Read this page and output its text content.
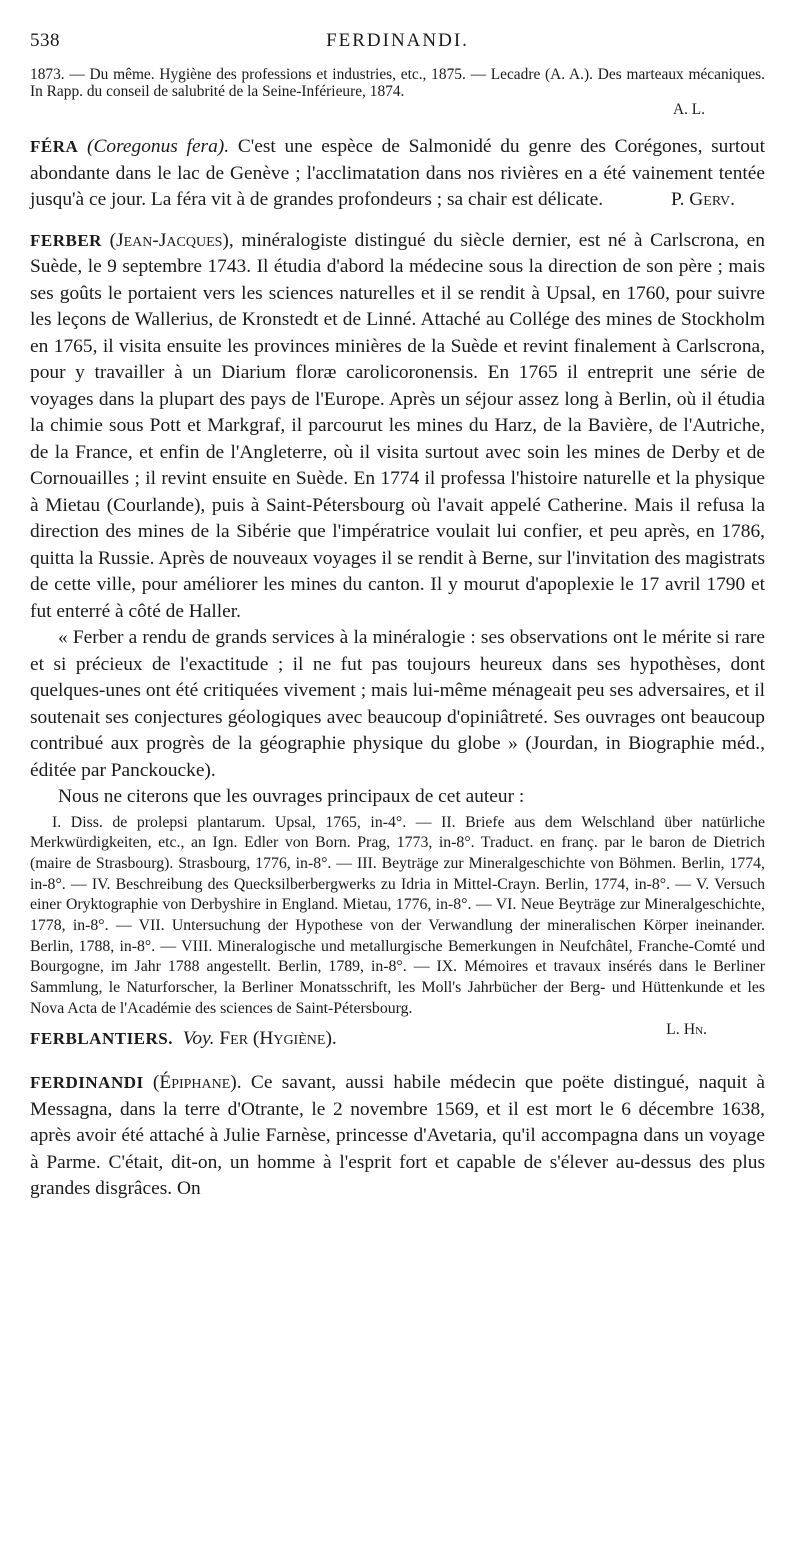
538	FERDINANDI.
1873. — Du même. Hygiène des professions et industries, etc., 1875. — Lecadre (A. A.). Des marteaux mécaniques. In Rapp. du conseil de salubrité de la Seine-Inférieure, 1874.
A. L.

FÉRA (Coregonus fera). C'est une espèce de Salmonidé du genre des Corégones, surtout abondante dans le lac de Genève ; l'acclimatation dans nos rivières en a été vainement tentée jusqu'à ce jour. La féra vit à de grandes profondeurs ; sa chair est délicate.	P. Gerv.

FERBER (Jean-Jacques), minéralogiste distingué du siècle dernier, est né à Carlscrona, en Suède, le 9 septembre 1743. Il étudia d'abord la médecine sous la direction de son père ; mais ses goûts le portaient vers les sciences naturelles et il se rendit à Upsal, en 1760, pour suivre les leçons de Wallerius, de Kronstedt et de Linné. Attaché au Collége des mines de Stockholm en 1765, il visita ensuite les provinces minières de la Suède et revint finalement à Carlscrona, pour y travailler à un Diarium floræ carolicoronensis. En 1765 il entreprit une série de voyages dans la plupart des pays de l'Europe. Après un séjour assez long à Berlin, où il étudia la chimie sous Pott et Markgraf, il parcourut les mines du Harz, de la Bavière, de l'Autriche, de la France, et enfin de l'Angleterre, où il visita surtout avec soin les mines de Derby et de Cornouailles ; il revint ensuite en Suède. En 1774 il professa l'histoire naturelle et la physique à Mietau (Courlande), puis à Saint-Pétersbourg où l'avait appelé Catherine. Mais il refusa la direction des mines de la Sibérie que l'impératrice voulait lui confier, et peu après, en 1786, quitta la Russie. Après de nouveaux voyages il se rendit à Berne, sur l'invitation des magistrats de cette ville, pour améliorer les mines du canton. Il y mourut d'apoplexie le 17 avril 1790 et fut enterré à côté de Haller.

« Ferber a rendu de grands services à la minéralogie : ses observations ont le mérite si rare et si précieux de l'exactitude ; il ne fut pas toujours heureux dans ses hypothèses, dont quelques-unes ont été critiquées vivement ; mais lui-même ménageait peu ses adversaires, et il soutenait ses conjectures géologiques avec beaucoup d'opiniâtreté. Ses ouvrages ont beaucoup contribué aux progrès de la géographie physique du globe » (Jourdan, in Biographie méd., éditée par Panckoucke).

Nous ne citerons que les ouvrages principaux de cet auteur :

I. Diss. de prolepsi plantarum. Upsal, 1765, in-4°. — II. Briefe aus dem Welschland über natürliche Merkwürdigkeiten, etc., an Ign. Edler von Born. Prag, 1773, in-8°. Traduct. en franç. par le baron de Dietrich (maire de Strasbourg). Strasbourg, 1776, in-8°. — III. Beyträge zur Mineralgeschichte von Böhmen. Berlin, 1774, in-8°. — IV. Beschreibung des Quecksilberbergwerks zu Idria in Mittel-Crayn. Berlin, 1774, in-8°. — V. Versuch einer Oryktographie von Derbyshire in England. Mietau, 1776, in-8°. — VI. Neue Beyträge zur Mineralgeschichte, 1778, in-8°. — VII. Untersuchung der Hypothese von der Verwandlung der mineralischen Körper ineinander. Berlin, 1788, in-8°. — VIII. Mineralogische und metallurgische Bemerkungen in Neufchâtel, Franche-Comté und Bourgogne, im Jahr 1788 angestellt. Berlin, 1789, in-8°. — IX. Mémoires et travaux insérés dans le Berliner Sammlung, le Naturforscher, la Berliner Monatsschrift, les Moll's Jahrbücher der Berg- und Hüttenkunde et les Nova Acta de l'Académie des sciences de Saint-Pétersbourg.
L. Hn.

FERBLANTIERS. Voy. Fer (Hygiène).

FERDINANDI (Épiphane). Ce savant, aussi habile médecin que poëte distingué, naquit à Messagna, dans la terre d'Otrante, le 2 novembre 1569, et il est mort le 6 décembre 1638, après avoir été attaché à Julie Farnèse, princesse d'Avetaria, qu'il accompagna dans un voyage à Parme. C'était, dit-on, un homme à l'esprit fort et capable de s'élever au-dessus des plus grandes disgrâces. On
